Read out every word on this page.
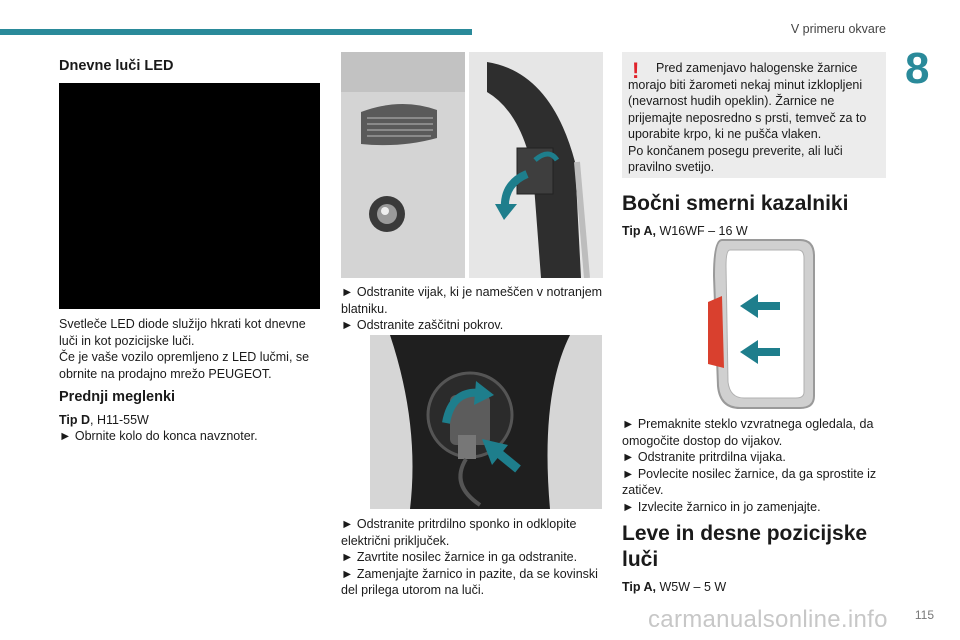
V primeru okvare
8
Dnevne luči LED

Svetleče LED diode služijo hkrati kot dnevne luči in kot pozicijske luči.

Če je vaše vozilo opremljeno z LED lučmi, se obrnite na prodajno mrežo PEUGEOT.

Prednji meglenki

Tip D, H11-55W

► Obrnite kolo do konca navznoter.

► Odstranite vijak, ki je nameščen v notranjem blatniku.

► Odstranite zaščitni pokrov.

► Odstranite pritrdilno sponko in odklopite električni priključek.

► Zavrtite nosilec žarnice in ga odstranite.

► Zamenjajte žarnico in pazite, da se kovinski del prilega utorom na luči.

!	Pred zamenjavo halogenske žarnice morajo biti žarometi nekaj minut izklopljeni (nevarnost hudih opeklin). Žarnice ne prijemajte neposredno s prsti, temveč za to uporabite krpo, ki ne pušča vlaken.

Po končanem posegu preverite, ali luči pravilno svetijo.

Bočni smerni kazalniki

Tip A, W16WF – 16 W

► Premaknite steklo vzvratnega ogledala, da omogočite dostop do vijakov.

► Odstranite pritrdilna vijaka.

► Povlecite nosilec žarnice, da ga sprostite iz zatičev.

► Izvlecite žarnico in jo zamenjajte.

Leve in desne pozicijske luči

Tip A, W5W – 5 W

carmanualsonline.info 115
